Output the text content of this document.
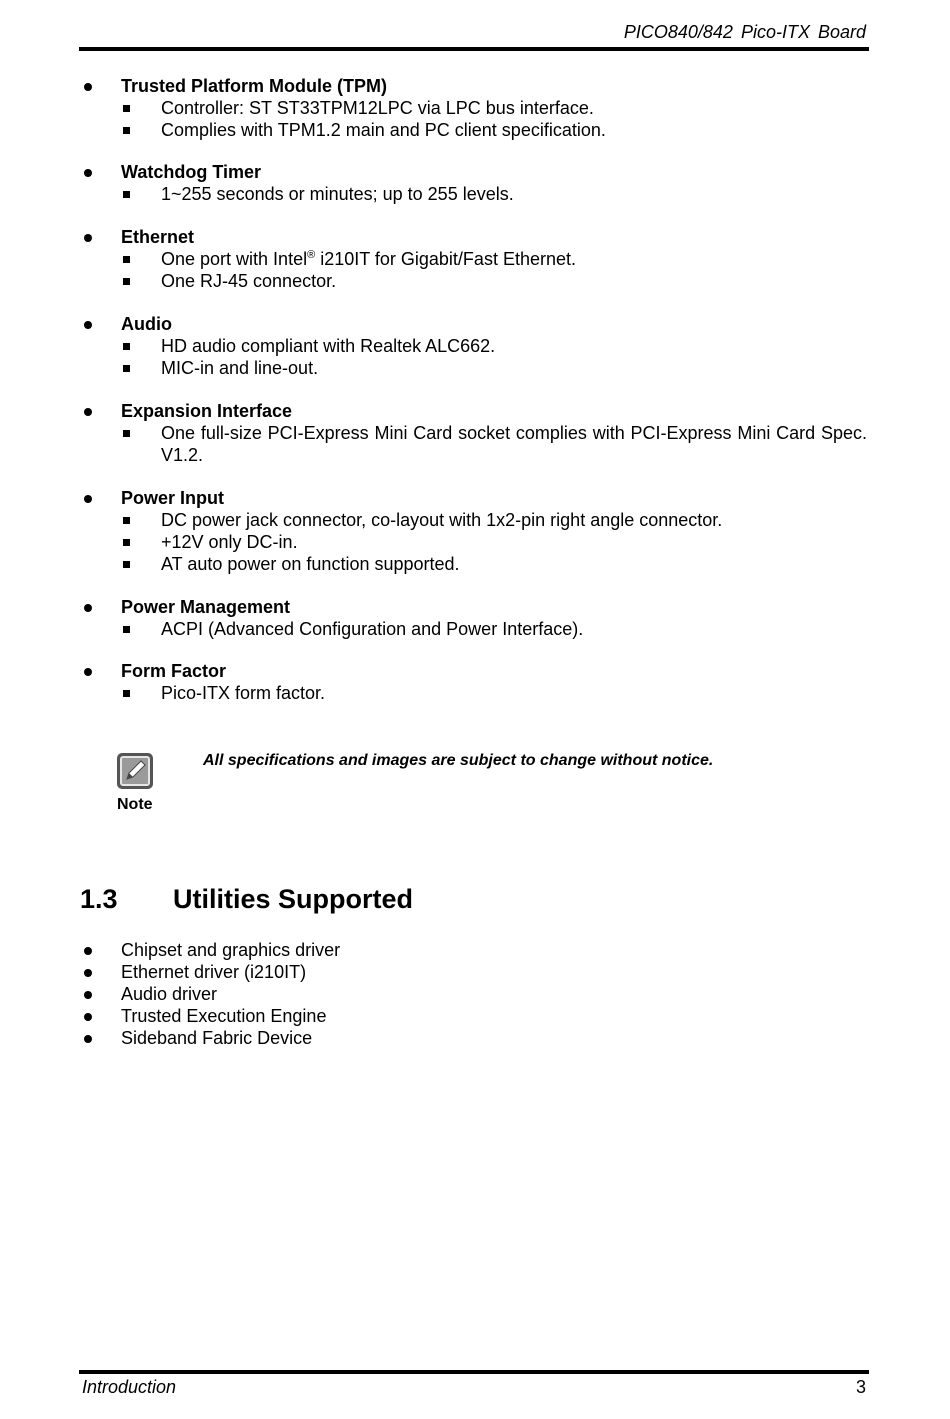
PICO840/842 Pico-ITX Board
Trusted Platform Module (TPM)
Controller: ST ST33TPM12LPC via LPC bus interface.
Complies with TPM1.2 main and PC client specification.
Watchdog Timer
1~255 seconds or minutes; up to 255 levels.
Ethernet
One port with Intel® i210IT for Gigabit/Fast Ethernet.
One RJ-45 connector.
Audio
HD audio compliant with Realtek ALC662.
MIC-in and line-out.
Expansion Interface
One full-size PCI-Express Mini Card socket complies with PCI-Express Mini Card Spec. V1.2.
Power Input
DC power jack connector, co-layout with 1x2-pin right angle connector.
+12V only DC-in.
AT auto power on function supported.
Power Management
ACPI (Advanced Configuration and Power Interface).
Form Factor
Pico-ITX form factor.
Note
All specifications and images are subject to change without notice.
1.3 Utilities Supported
Chipset and graphics driver
Ethernet driver (i210IT)
Audio driver
Trusted Execution Engine
Sideband Fabric Device
Introduction	3
